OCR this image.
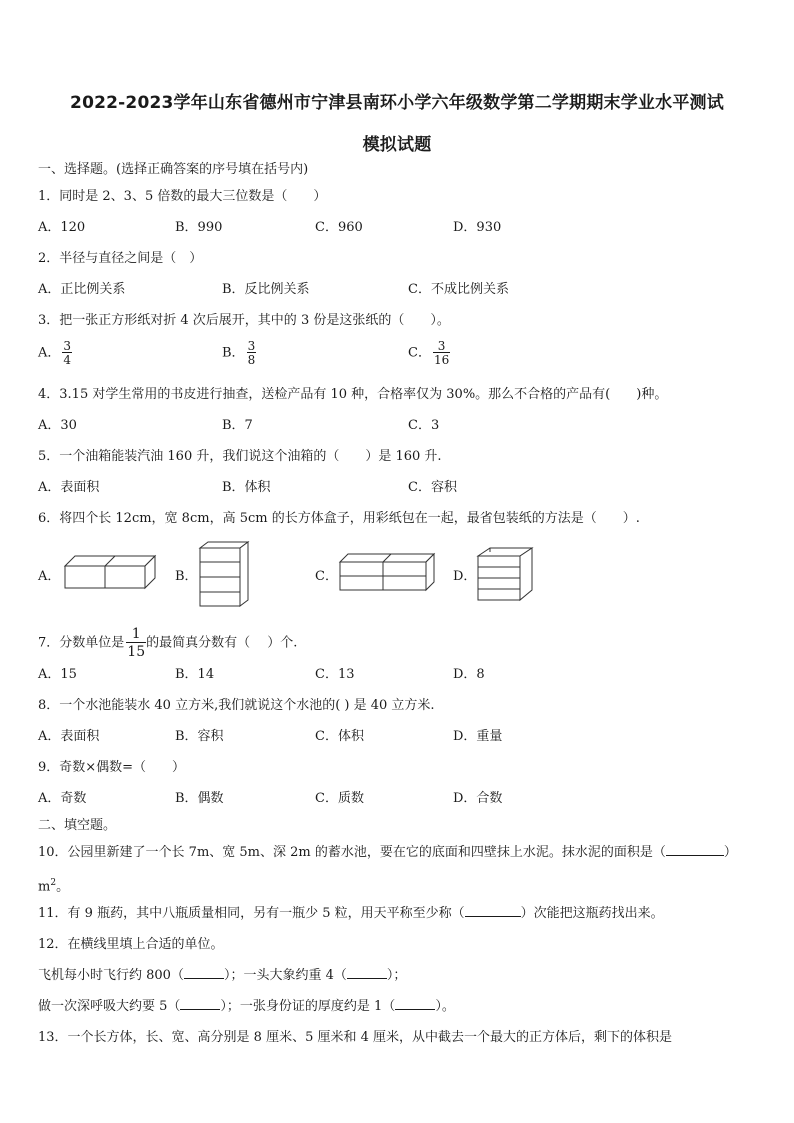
2022-2023学年山东省德州市宁津县南环小学六年级数学第二学期期末学业水平测试
模拟试题
一、选择题。(选择正确答案的序号填在括号内)
1．同时是 2、3、5 倍数的最大三位数是（　　）
A．120	B．990	C．960	D．930
2．半径与直径之间是（　）
A．正比例关系	B．反比例关系	C．不成比例关系
3．把一张正方形纸对折 4 次后展开，其中的 3 份是这张纸的（　　）。
A． $\frac{3}{4}$	B． $\frac{3}{8}$	C． $\frac{3}{16}$
4．3.15 对学生常用的书皮进行抽查，送检产品有 10 种，合格率仅为 30%。那么不合格的产品有(　　)种。
A．30	B．7	C．3
5．一个油箱能装汽油 160 升，我们说这个油箱的（　　）是 160 升.
A．表面积	B．体积	C．容积
6．将四个长 12cm，宽 8cm，高 5cm 的长方体盒子，用彩纸包在一起，最省包装纸的方法是（　　）.
A．	B．	C．	D．
7．分数单位是 $\frac{1}{15}$ 的最简真分数有（　 ）个.
A．15	B．14	C．13	D．8
8．一个水池能装水 40 立方米,我们就说这个水池的( ) 是 40 立方米.
A．表面积	B．容积	C．体积	D．重量
9．奇数×偶数=（　　）
A．奇数	B．偶数	C．质数	D．合数
二、填空题。
10．公园里新建了一个长 7m、宽 5m、深 2m 的蓄水池，要在它的底面和四壁抹上水泥。抹水泥的面积是（	）
$m^2$。
11．有 9 瓶药，其中八瓶质量相同，另有一瓶少 5 粒，用天平称至少称（	）次能把这瓶药找出来。
12．在横线里填上合适的单位。
飞机每小时飞行约 800（	）；一头大象约重 4（	）；
做一次深呼吸大约要 5（	）；一张身份证的厚度约是 1（	）。
13．一个长方体，长、宽、高分别是 8 厘米、5 厘米和 4 厘米，从中截去一个最大的正方体后，剩下的体积是
